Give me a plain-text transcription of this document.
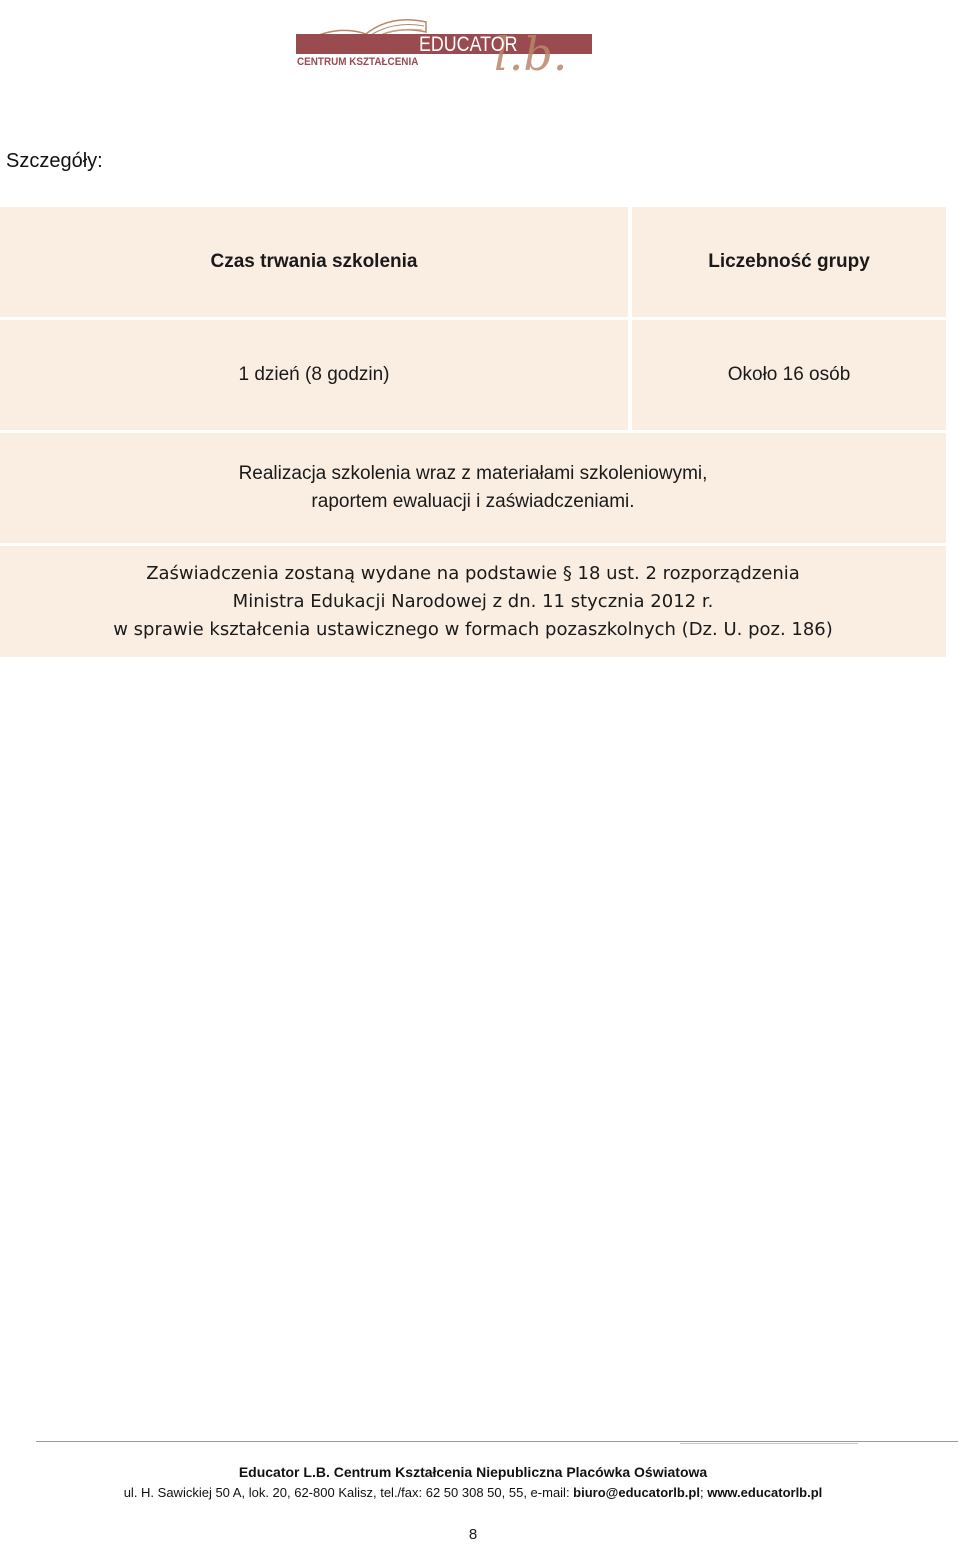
l.b.
EDUCATOR
CENTRUM KSZTAŁCENIA
Szczegóły:
Czas trwania szkolenia	Liczebność grupy
1 dzień (8 godzin)	Około 16 osób
Realizacja szkolenia wraz z materiałami szkoleniowymi,
raportem ewaluacji i zaświadczeniami.
Zaświadczenia zostaną wydane na podstawie § 18 ust. 2 rozporządzenia
Ministra Edukacji Narodowej z dn. 11 stycznia 2012 r.
w sprawie kształcenia ustawicznego w formach pozaszkolnych (Dz. U. poz. 186)
Educator L.B. Centrum Kształcenia Niepubliczna Placówka Oświatowa
ul. H. Sawickiej 50 A, lok. 20, 62-800 Kalisz, tel./fax: 62 50 308 50, 55, e-mail: biuro@educatorlb.pl; www.educatorlb.pl
8
